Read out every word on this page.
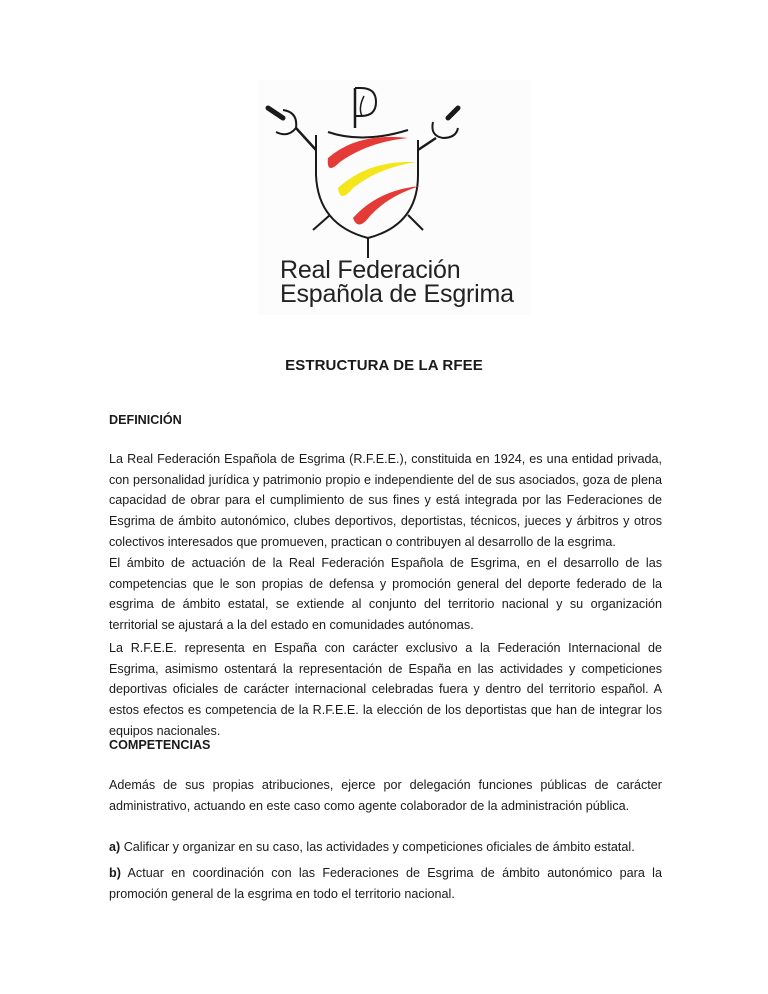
Real Federación
Española de Esgrima
ESTRUCTURA DE LA RFEE
DEFINICIÓN

La Real Federación Española de Esgrima (R.F.E.E.), constituida en 1924, es una entidad privada, con personalidad jurídica y patrimonio propio e independiente del de sus asociados, goza de plena capacidad de obrar para el cumplimiento de sus fines y está integrada por las Federaciones de Esgrima de ámbito autonómico, clubes deportivos, deportistas, técnicos, jueces y árbitros y otros colectivos interesados que promueven, practican o contribuyen al desarrollo de la esgrima.

El ámbito de actuación de la Real Federación Española de Esgrima, en el desarrollo de las competencias que le son propias de defensa y promoción general del deporte federado de la esgrima de ámbito estatal, se extiende al conjunto del territorio nacional y su organización territorial se ajustará a la del estado en comunidades autónomas.

La R.F.E.E. representa en España con carácter exclusivo a la Federación Internacional de Esgrima, asimismo ostentará la representación de España en las actividades y competiciones deportivas oficiales de carácter internacional celebradas fuera y dentro del territorio español. A estos efectos es competencia de la R.F.E.E. la elección de los deportistas que han de integrar los equipos nacionales.

COMPETENCIAS

Además de sus propias atribuciones, ejerce por delegación funciones públicas de carácter administrativo, actuando en este caso como agente colaborador de la administración pública.

a) Calificar y organizar en su caso, las actividades y competiciones oficiales de ámbito estatal.

b) Actuar en coordinación con las Federaciones de Esgrima de ámbito autonómico para la promoción general de la esgrima en todo el territorio nacional.
